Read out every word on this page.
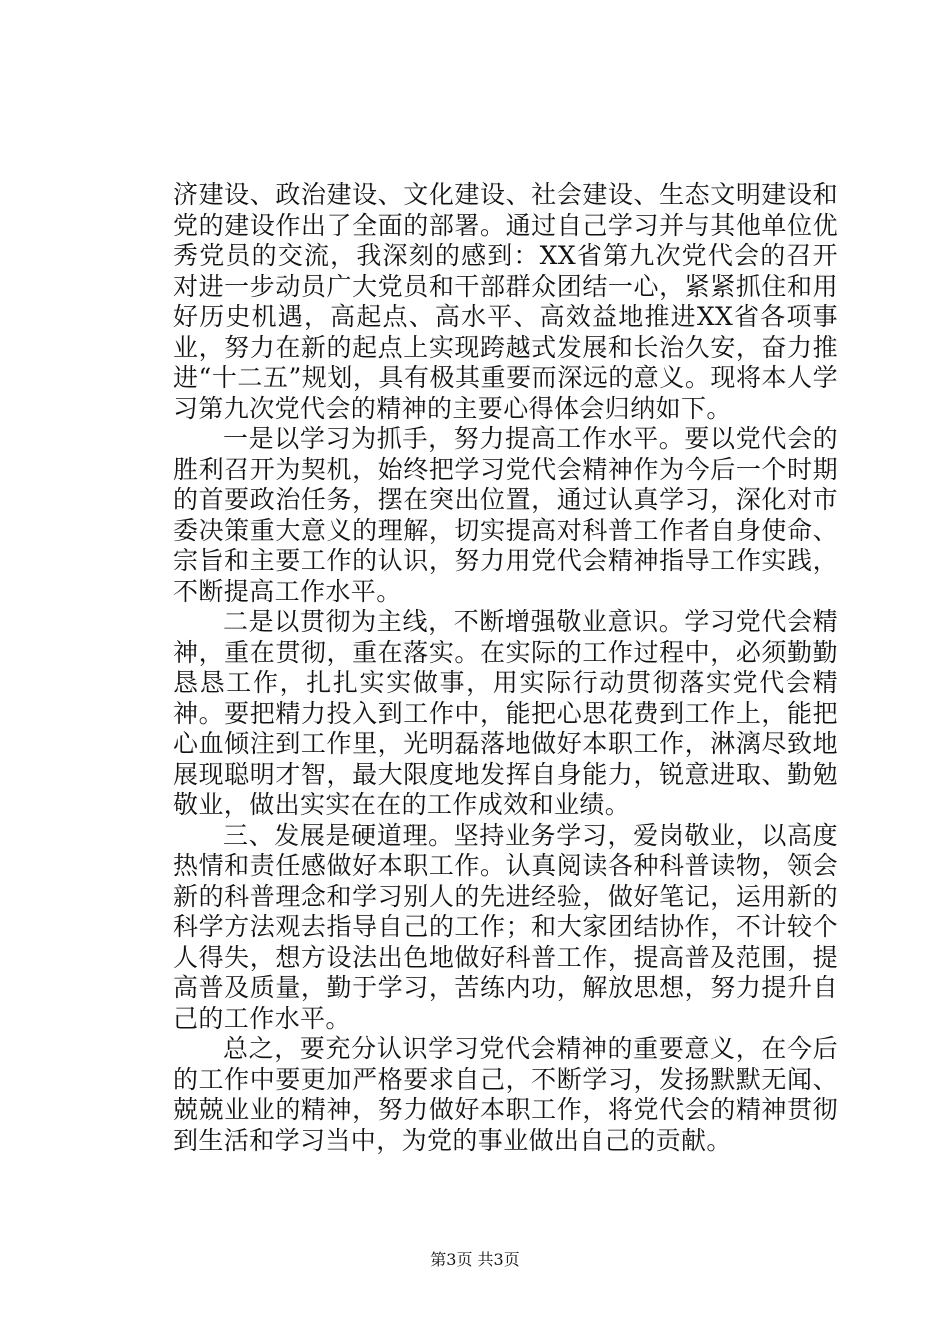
济建设、政治建设、文化建设、社会建设、生态文明建设和党的建设作出了全面的部署。通过自己学习并与其他单位优秀党员的交流，我深刻的感到：XX省第九次党代会的召开对进一步动员广大党员和干部群众团结一心，紧紧抓住和用好历史机遇，高起点、高水平、高效益地推进XX省各项事业，努力在新的起点上实现跨越式发展和长治久安，奋力推进“十二五”规划，具有极其重要而深远的意义。现将本人学习第九次党代会的精神的主要心得体会归纳如下。

一是以学习为抓手，努力提高工作水平。要以党代会的胜利召开为契机，始终把学习党代会精神作为今后一个时期的首要政治任务，摆在突出位置，通过认真学习，深化对市委决策重大意义的理解，切实提高对科普工作者自身使命、宗旨和主要工作的认识，努力用党代会精神指导工作实践，不断提高工作水平。

二是以贯彻为主线，不断增强敬业意识。学习党代会精神，重在贯彻，重在落实。在实际的工作过程中，必须勤勤恳恳工作，扎扎实实做事，用实际行动贯彻落实党代会精神。要把精力投入到工作中，能把心思花费到工作上，能把心血倾注到工作里，光明磊落地做好本职工作，淋漓尽致地展现聪明才智，最大限度地发挥自身能力，锐意进取、勤勉敬业，做出实实在在的工作成效和业绩。

三、发展是硬道理。坚持业务学习，爱岗敬业，以高度热情和责任感做好本职工作。认真阅读各种科普读物，领会新的科普理念和学习别人的先进经验，做好笔记，运用新的科学方法观去指导自己的工作；和大家团结协作，不计较个人得失，想方设法出色地做好科普工作，提高普及范围，提高普及质量，勤于学习，苦练内功，解放思想，努力提升自己的工作水平。

总之，要充分认识学习党代会精神的重要意义，在今后的工作中要更加严格要求自己，不断学习，发扬默默无闻、兢兢业业的精神，努力做好本职工作，将党代会的精神贯彻到生活和学习当中，为党的事业做出自己的贡献。

第3页 共3页
